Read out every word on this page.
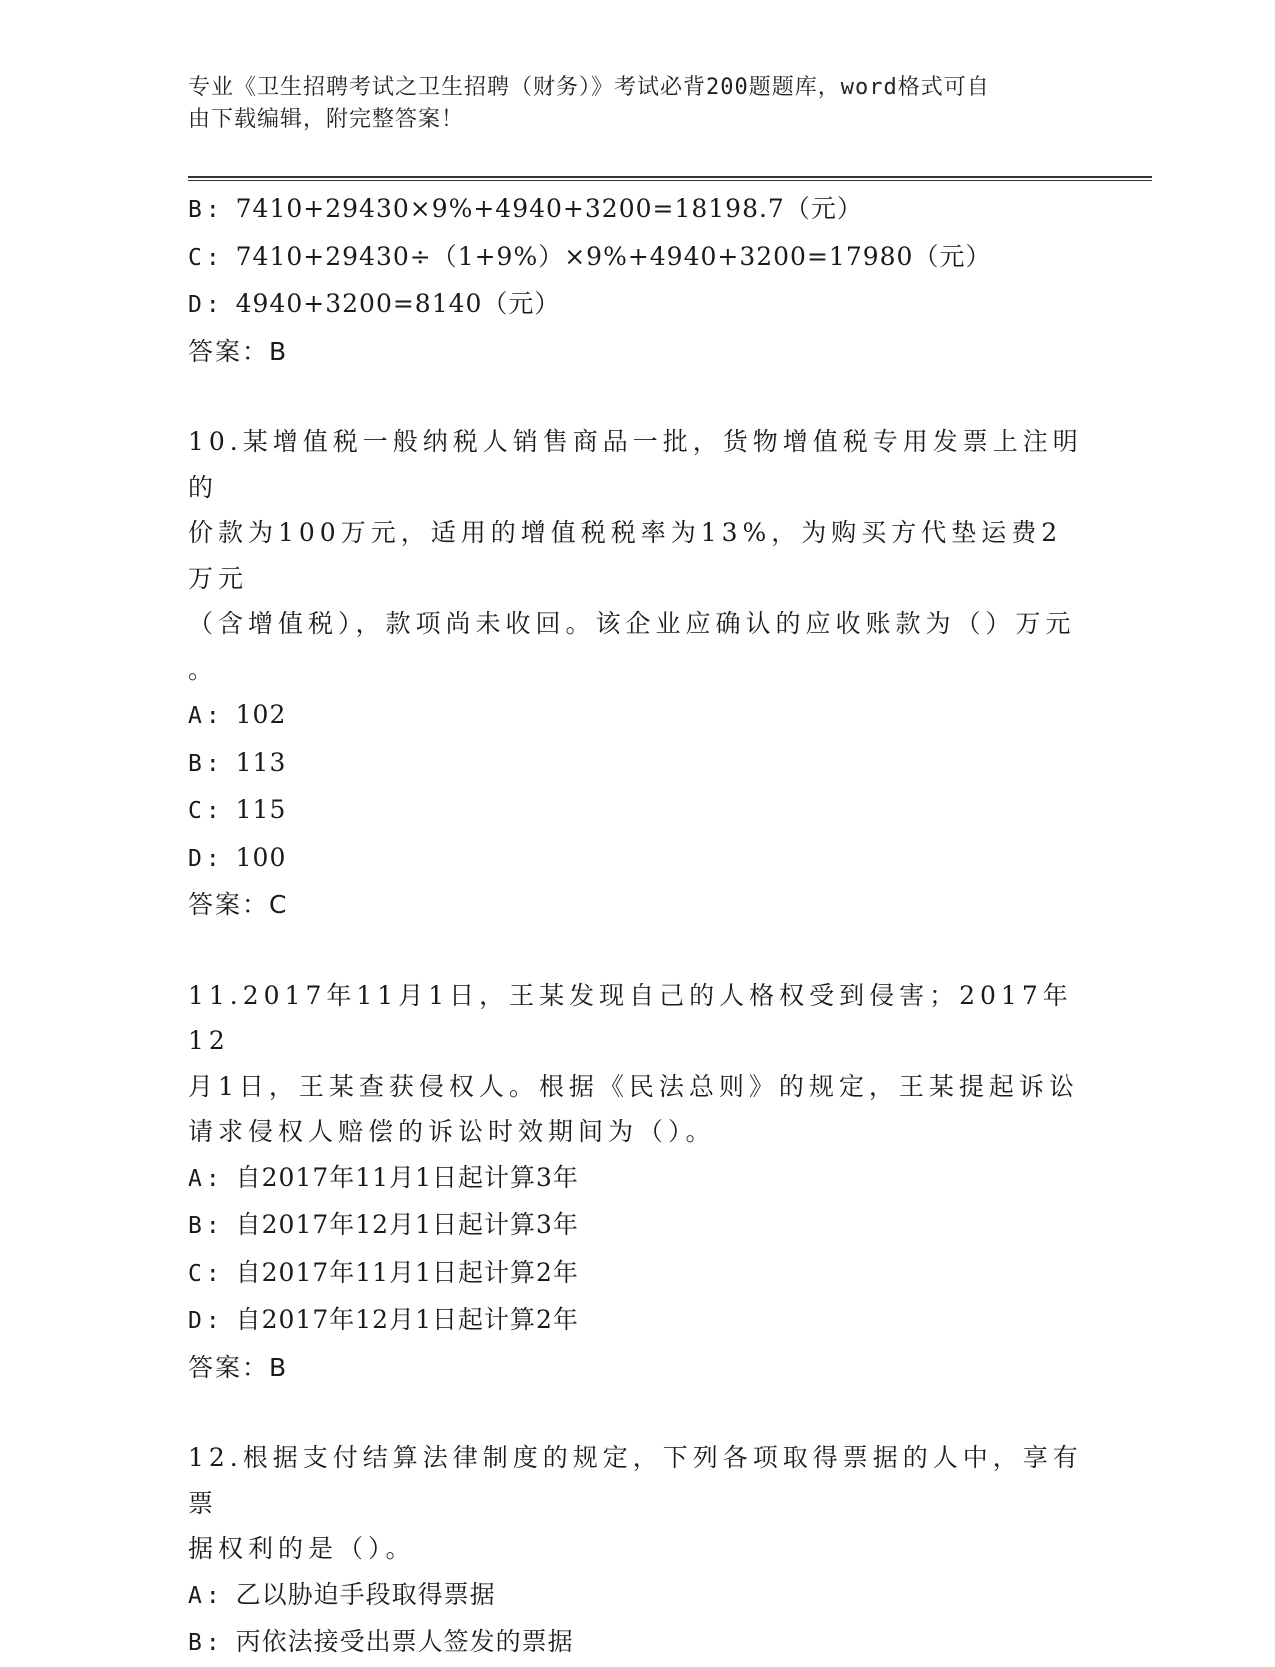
专业《卫生招聘考试之卫生招聘（财务）》考试必背200题题库，word格式可自
由下载编辑，附完整答案！
B: 7410+29430×9%+4940+3200=18198.7（元）
C: 7410+29430÷（1+9%）×9%+4940+3200=17980（元）
D: 4940+3200=8140（元）
答案：B
10.某增值税一般纳税人销售商品一批，货物增值税专用发票上注明的
价款为100万元，适用的增值税税率为13%，为购买方代垫运费2万元
（含增值税），款项尚未收回。该企业应确认的应收账款为（）万元
。
A: 102
B: 113
C: 115
D: 100
答案：C
11.2017年11月1日，王某发现自己的人格权受到侵害；2017年12
月1日，王某查获侵权人。根据《民法总则》的规定，王某提起诉讼
请求侵权人赔偿的诉讼时效期间为（）。
A: 自2017年11月1日起计算3年
B: 自2017年12月1日起计算3年
C: 自2017年11月1日起计算2年
D: 自2017年12月1日起计算2年
答案：B
12.根据支付结算法律制度的规定，下列各项取得票据的人中，享有票
据权利的是（）。
A: 乙以胁迫手段取得票据
B: 丙依法接受出票人签发的票据
